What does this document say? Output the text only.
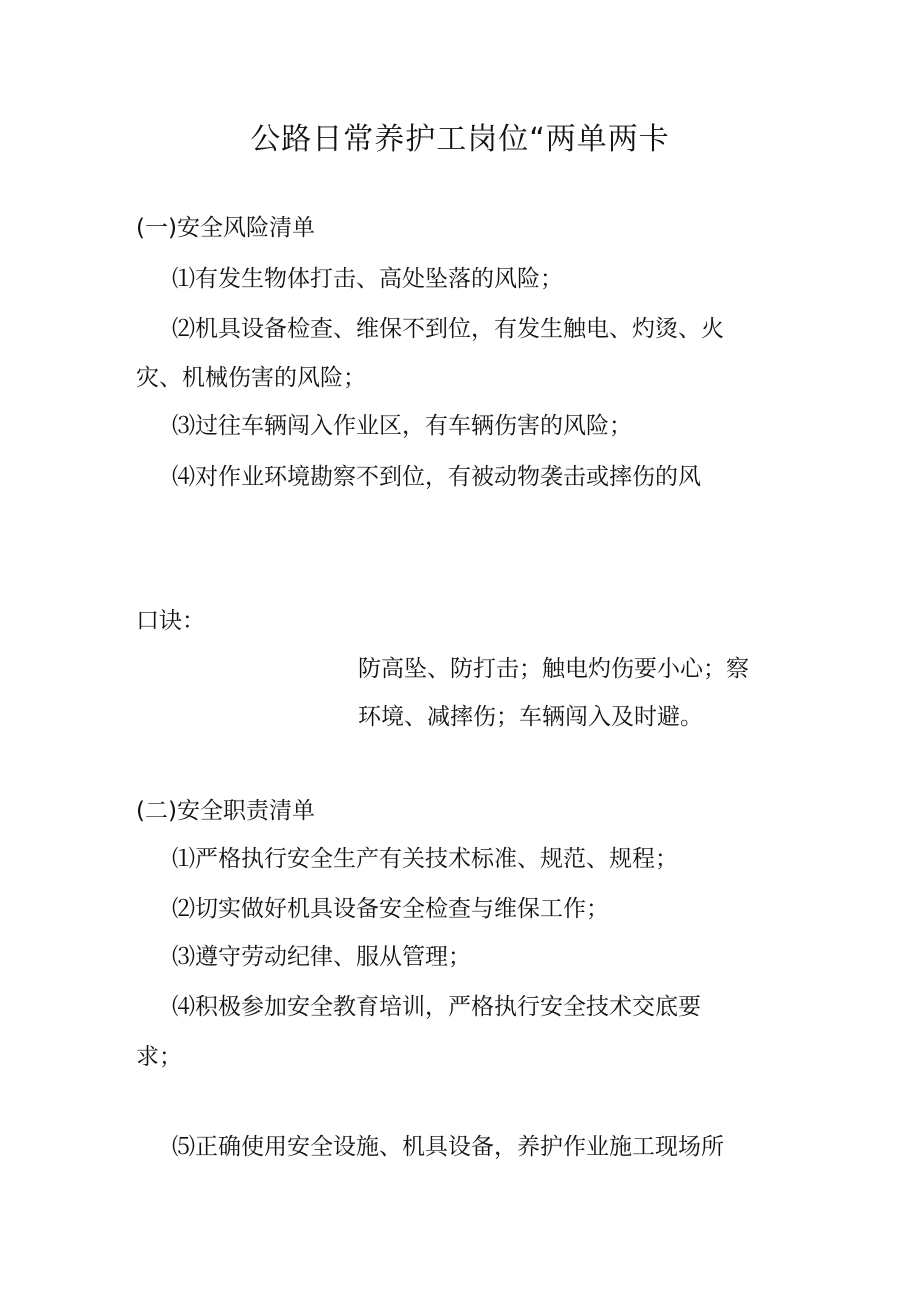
公路日常养护工岗位“两单两卡
(一)安全风险清单
⑴有发生物体打击、高处坠落的风险；
⑵机具设备检查、维保不到位，有发生触电、灼烫、火
灾、机械伤害的风险；
⑶过往车辆闯入作业区，有车辆伤害的风险；
⑷对作业环境勘察不到位，有被动物袭击或摔伤的风
口诀：
防高坠、防打击；触电灼伤要小心；察
环境、减摔伤；车辆闯入及时避。
(二)安全职责清单
⑴严格执行安全生产有关技术标准、规范、规程；
⑵切实做好机具设备安全检查与维保工作；
⑶遵守劳动纪律、服从管理；
⑷积极参加安全教育培训，严格执行安全技术交底要
求；
⑸正确使用安全设施、机具设备，养护作业施工现场所
